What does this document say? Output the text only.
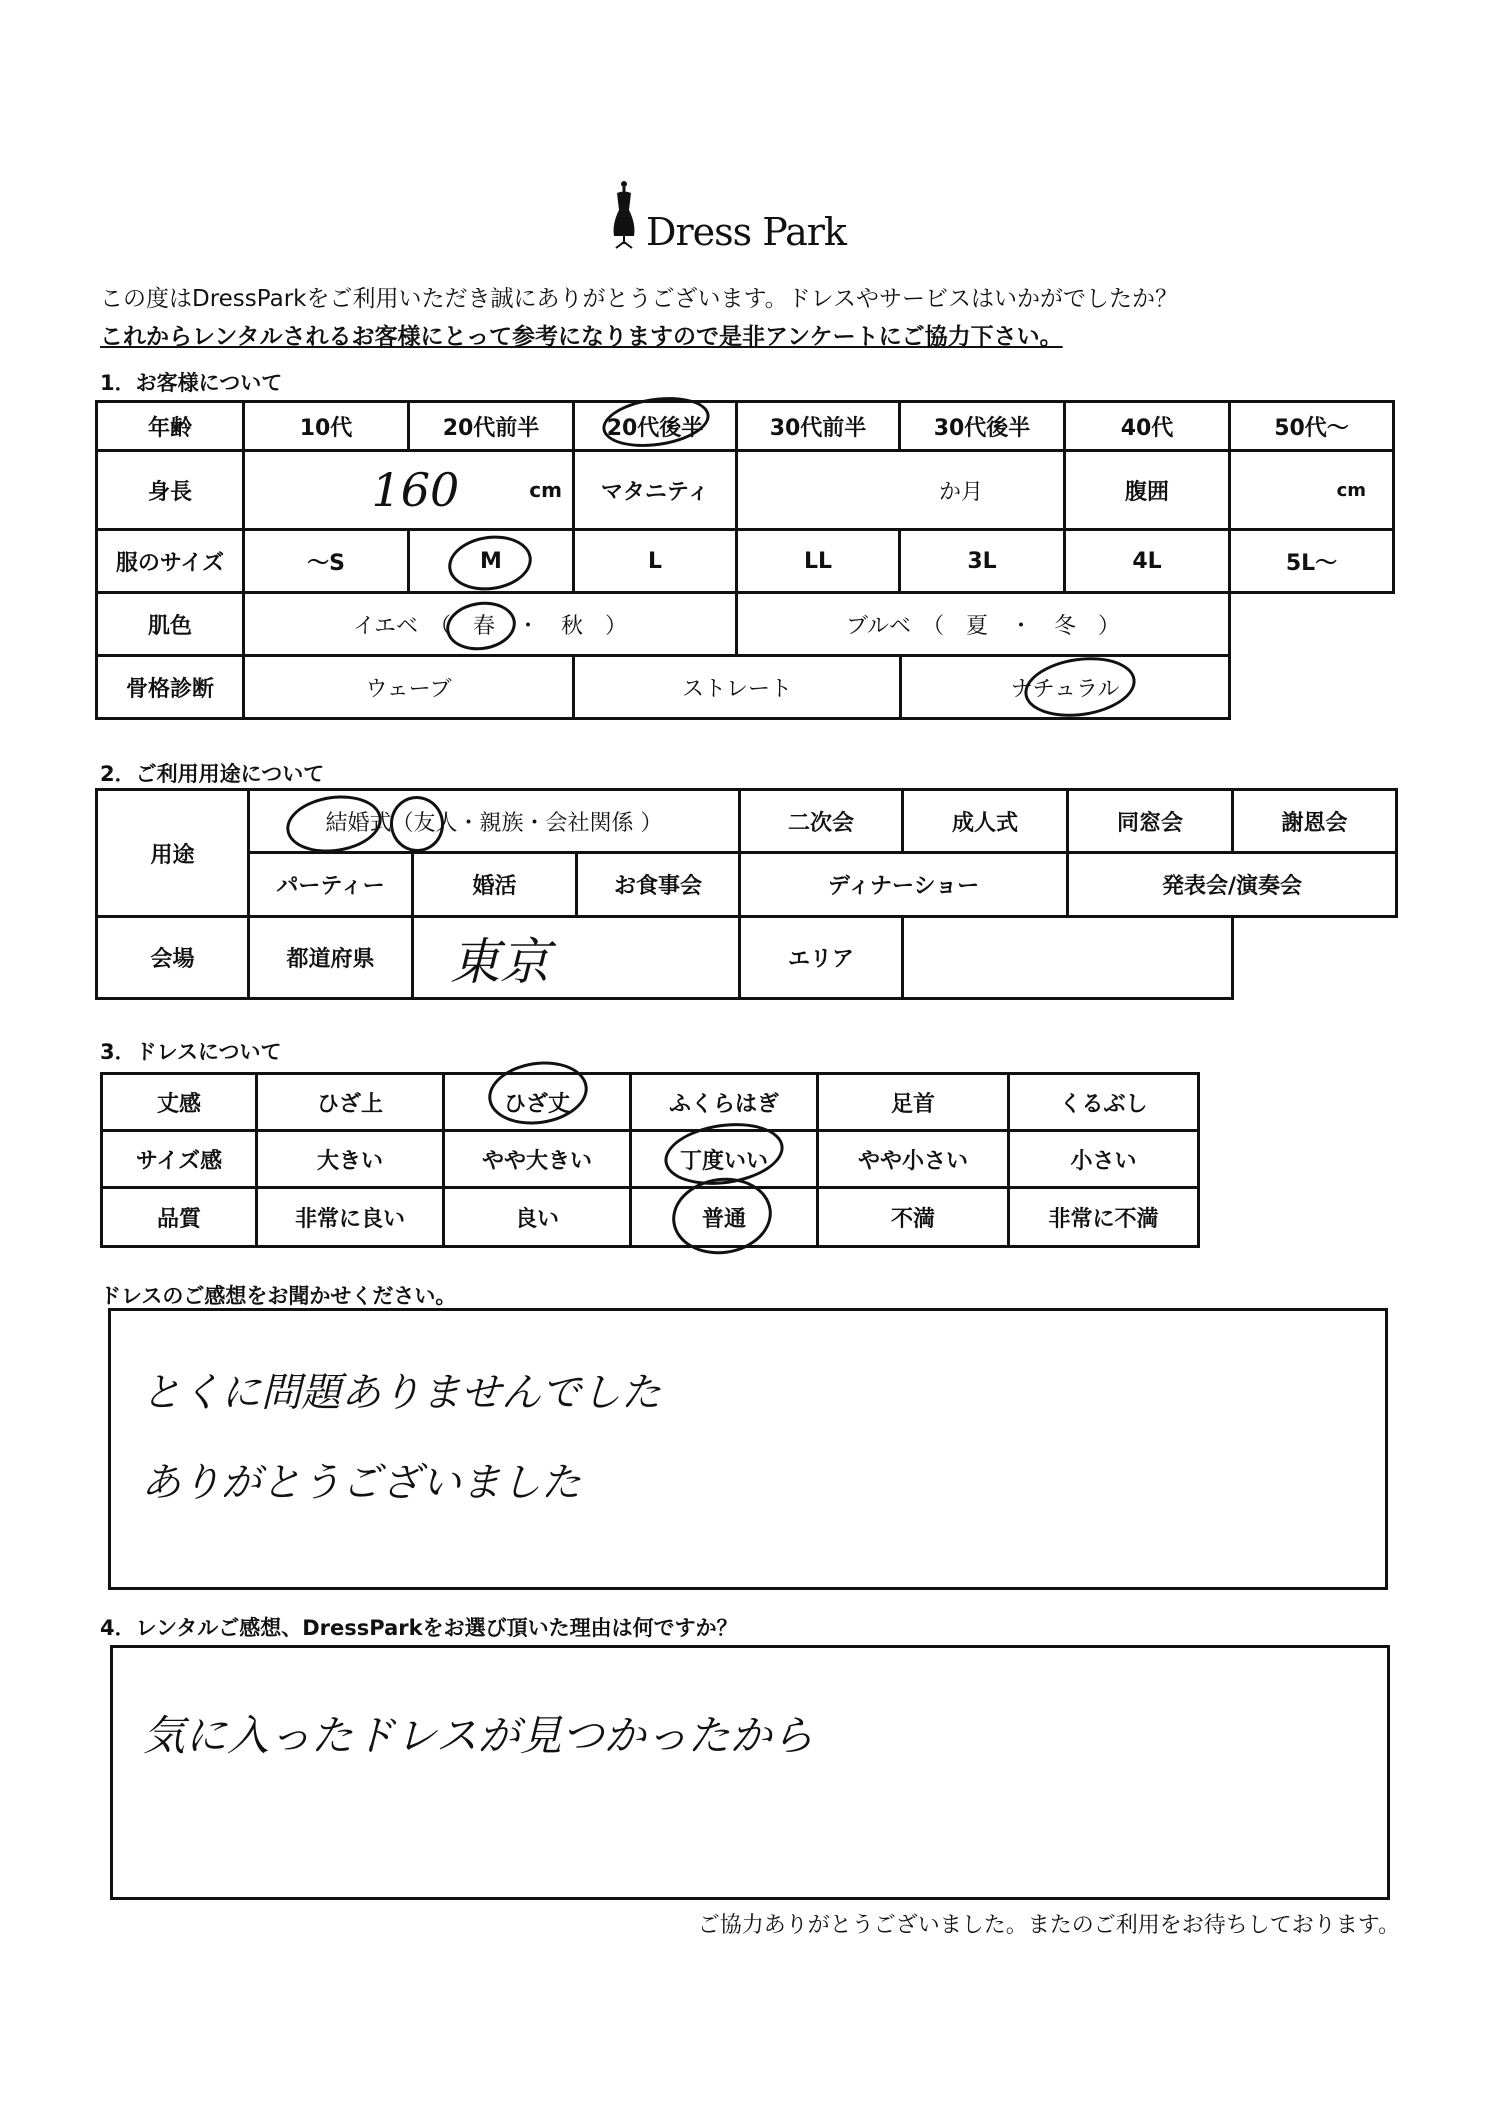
Dress Park
この度はDressParkをご利用いただき誠にありがとうございます。ドレスやサービスはいかがでしたか？
これからレンタルされるお客様にとって参考になりますので是非アンケートにご協力下さい。
1．お客様について
年齢	10代	20代前半	20代後半	30代前半	30代後半	40代	50代～
身長	160	cm	マタニティ	か月	腹囲	cm
服のサイズ	～S	M	L	LL	3L	4L	5L～
肌色	イエベ　（　春　・　秋　）	ブルベ　（　夏　・　冬　）
骨格診断	ウェーブ	ストレート	ナチュラル
2．ご利用用途について
用途
結婚式（友人・親族・会社関係 ）	二次会	成人式	同窓会	謝恩会
パーティー	婚活	お食事会	ディナーショー	発表会/演奏会
会場	都道府県	東京	エリア
3．ドレスについて
丈感	ひざ上	ひざ丈	ふくらはぎ	足首	くるぶし
サイズ感	大きい	やや大きい	丁度いい	やや小さい	小さい
品質	非常に良い	良い	普通	不満	非常に不満
ドレスのご感想をお聞かせください。
とくに問題ありませんでした
ありがとうございました
4．レンタルご感想、DressParkをお選び頂いた理由は何ですか？
気に入ったドレスが見つかったから
ご協力ありがとうございました。またのご利用をお待ちしております。
